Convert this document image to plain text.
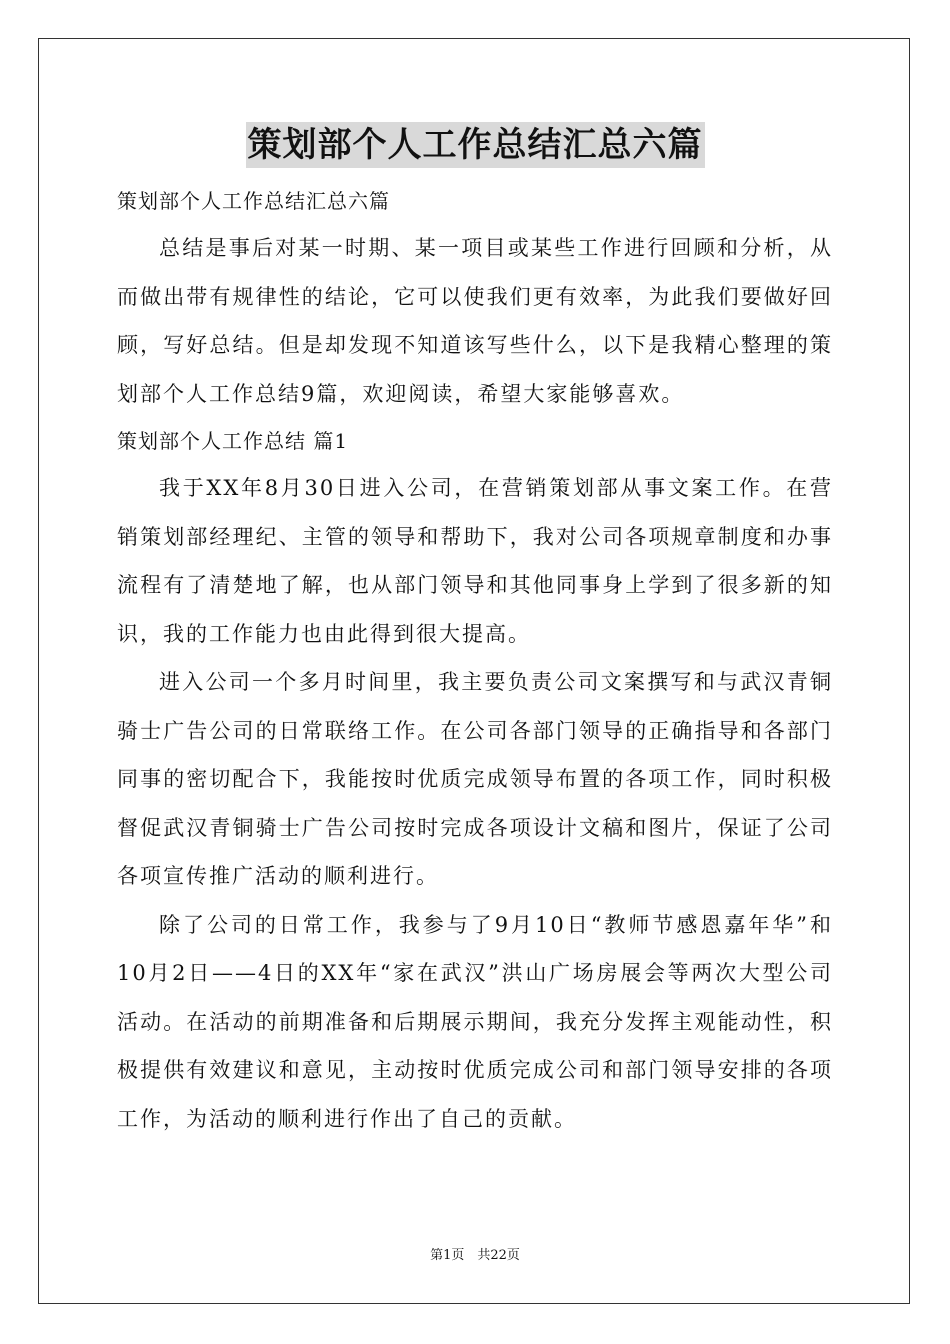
策划部个人工作总结汇总六篇

策划部个人工作总结汇总六篇

总结是事后对某一时期、某一项目或某些工作进行回顾和分析，从而做出带有规律性的结论，它可以使我们更有效率，为此我们要做好回顾，写好总结。但是却发现不知道该写些什么，以下是我精心整理的策划部个人工作总结9篇，欢迎阅读，希望大家能够喜欢。

策划部个人工作总结 篇1

我于XX年8月30日进入公司，在营销策划部从事文案工作。在营销策划部经理纪、主管的领导和帮助下，我对公司各项规章制度和办事流程有了清楚地了解，也从部门领导和其他同事身上学到了很多新的知识，我的工作能力也由此得到很大提高。

进入公司一个多月时间里，我主要负责公司文案撰写和与武汉青铜骑士广告公司的日常联络工作。在公司各部门领导的正确指导和各部门同事的密切配合下，我能按时优质完成领导布置的各项工作，同时积极督促武汉青铜骑士广告公司按时完成各项设计文稿和图片，保证了公司各项宣传推广活动的顺利进行。

除了公司的日常工作，我参与了9月10日“教师节感恩嘉年华”和10月2日——4日的XX年“家在武汉”洪山广场房展会等两次大型公司活动。在活动的前期准备和后期展示期间，我充分发挥主观能动性，积极提供有效建议和意见，主动按时优质完成公司和部门领导安排的各项工作，为活动的顺利进行作出了自己的贡献。

第1页　共22页
